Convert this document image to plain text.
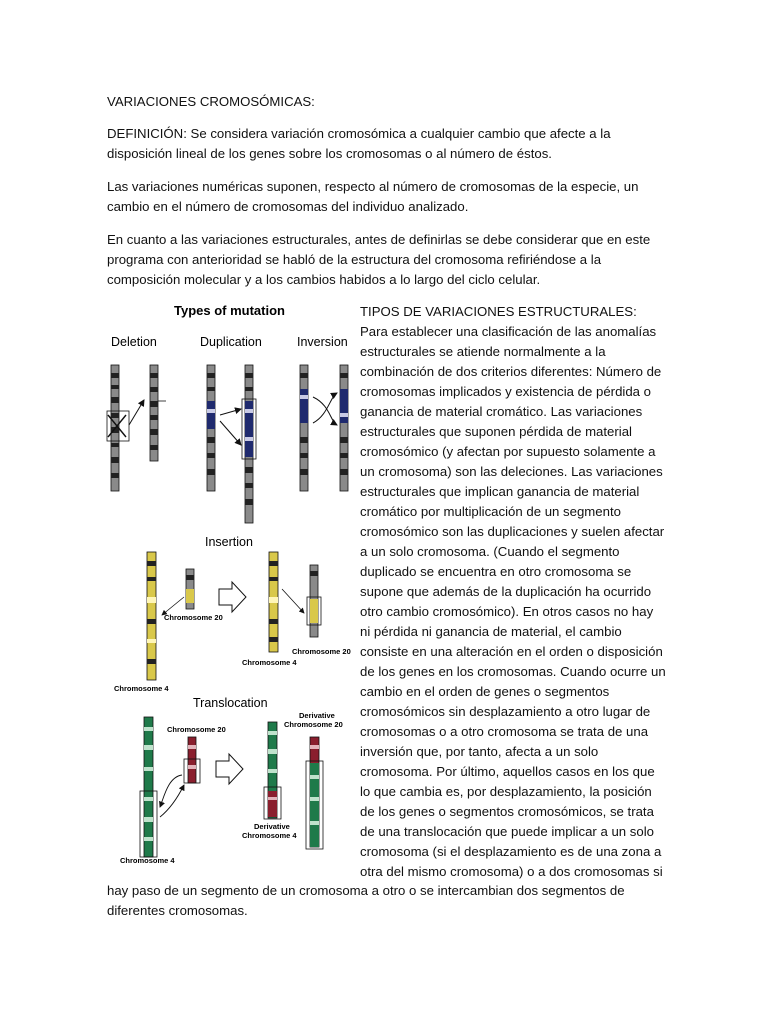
VARIACIONES CROMOSÓMICAS:

DEFINICIÓN: Se considera variación cromosómica a cualquier cambio que afecte a la disposición lineal de los genes sobre los cromosomas o al número de éstos.

Las variaciones numéricas suponen, respecto al número de cromosomas de la especie, un cambio en el número de cromosomas del individuo analizado.

En cuanto a las variaciones estructurales, antes de definirlas se debe considerar que en este programa con anterioridad se habló de la estructura del cromosoma refiriéndose a la composición molecular y a los cambios habidos a lo largo del ciclo celular.

Types of mutation
Deletion	Duplication	Inversion
Insertion
Translocation
Chromosome 20
Chromosome 20
Chromosome 4
Chromosome 4
Chromosome 20
Derivative
Chromosome 20
Derivative
Chromosome 4
Chromosome 4

TIPOS DE VARIACIONES ESTRUCTURALES: Para establecer una clasificación de las anomalías estructurales se atiende normalmente a la combinación de dos criterios diferentes: Número de cromosomas implicados y existencia de pérdida o ganancia de material cromático. Las variaciones estructurales que suponen pérdida de material cromosómico (y afectan por supuesto solamente a un cromosoma) son las deleciones. Las variaciones estructurales que implican ganancia de material cromático por multiplicación de un segmento cromosómico son las duplicaciones y suelen afectar a un solo cromosoma. (Cuando el segmento duplicado se encuentra en otro cromosoma se supone que además de la duplicación ha ocurrido otro cambio cromosómico). En otros casos no hay ni pérdida ni ganancia de material, el cambio consiste en una alteración en el orden o disposición de los genes en los cromosomas. Cuando ocurre un cambio en el orden de genes o segmentos cromosómicos sin desplazamiento a otro lugar de cromosomas o a otro cromosoma se trata de una inversión que, por tanto, afecta a un solo cromosoma. Por último, aquellos casos en los que lo que cambia es, por desplazamiento, la posición de los genes o segmentos cromosómicos, se trata de una translocación que puede implicar a un solo cromosoma (si el desplazamiento es de una zona a otra del mismo cromosoma) o a dos cromosomas si

hay paso de un segmento de un cromosoma a otro o se intercambian dos segmentos de diferentes cromosomas.
